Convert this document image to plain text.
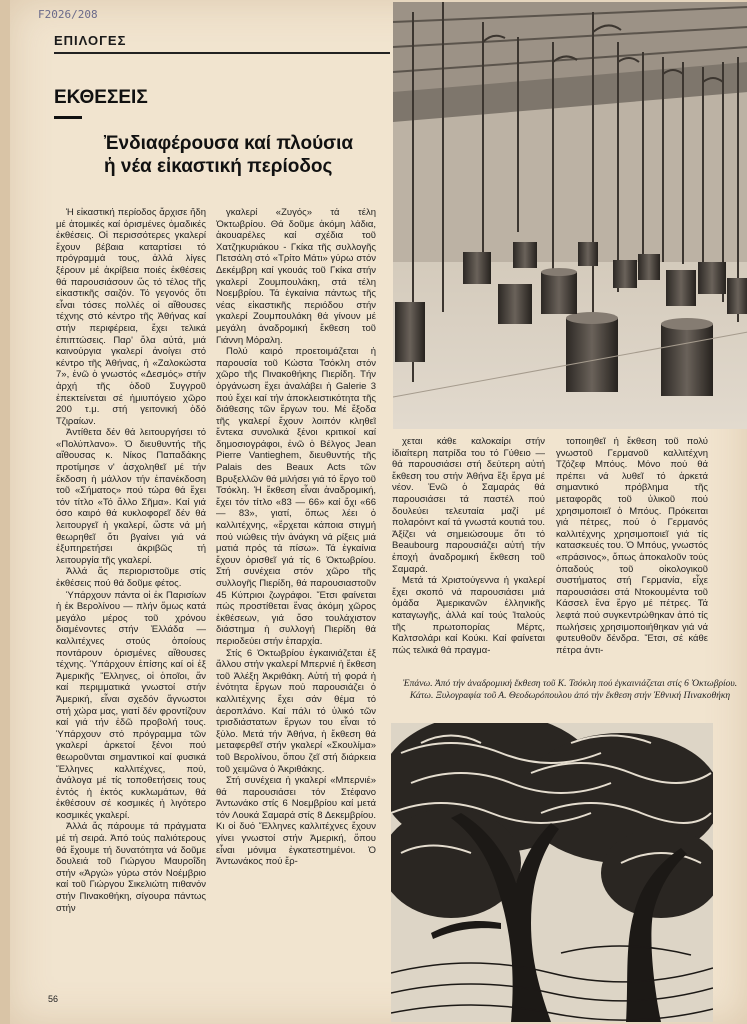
F2026/208
ΕΠΙΛΟΓΕΣ
ΕΚΘΕΣΕΙΣ
Ἐνδιαφέρουσα καί πλούσια
ἡ νέα εἰκαστική περίοδος

Ἡ εἰκαστική περίοδος ἄρχισε ἤδη μέ ἀτομικές καί ὀρισμένες ὁμαδικές ἐκθέσεις. Οἱ περισσότερες γκαλερί ἔχουν βέβαια καταρτίσει τό πρόγραμμά τους, ἀλλά λίγες ξέρουν μέ ἀκρίβεια ποιές ἐκθέσεις θά παρουσιάσουν ὥς τό τέλος τῆς εἰκαστικῆς σαιζόν. Τό γεγονός ὅτι εἶναι τόσες πολλές οἱ αἴθουσες τέχνης στό κέντρο τῆς Ἀθήνας καί στήν περιφέρεια, ἔχει τελικά ἐπιπτώσεις. Παρ' ὅλα αὐτά, μιά καινούργια γκαλερί ἀνοίγει στό κέντρο τῆς Ἀθήνας, ἡ «Ζαλοκώστα 7», ἐνῶ ὁ γνωστός «Δεσμός» στήν ἀρχή τῆς ὁδοῦ Συγγροῦ ἐπεκτείνεται σέ ἡμιυπόγειο χῶρο 200 τ.μ. στή γειτονική ὁδό Τζιραίων.

Ἀντίθετα δέν θά λειτουργήσει τό «Πολύπλανο». Ὁ διευθυντής τῆς αἴθουσας κ. Νίκος Παπαδάκης προτίμησε ν' ἀσχοληθεῖ μέ τήν ἔκδοση ἡ μάλλον τήν ἐπανέκδοση τοῦ «Σήματος» πού τώρα θά ἔχει τόν τίτλο «Τό ἄλλο Σῆμα». Καί γιά όσο καιρό θά κυκλοφορεῖ δέν θά λειτουργεῖ ἡ γκαλερί, ὥστε νά μή θεωρηθεῖ ὅτι βγαίνει γιά νά ἐξυπηρετήσει ἀκριβῶς τή λειτουργία τῆς γκαλερί.

Ἀλλά ἄς περιοριστοῦμε στίς ἐκθέσεις πού θά δοῦμε φέτος.

Ὑπάρχουν πάντα οἱ ἐκ Παρισίων ἡ ἐκ Βερολίνου — πλήν ὅμως κατά μεγάλο μέρος τοῦ χρόνου διαμένοντες στήν Ἑλλάδα — καλλιτέχνες στούς ὁποίους ποντάρουν ὁρισμένες αἴθουσες τέχνης. Ὑπάρχουν ἐπίσης καί οἱ ἐξ Ἀμερικῆς Ἕλληνες, οἱ ὁποῖοι, ἄν καί περιμματικά γνωστοί στήν Ἀμερική, εἶναι σχεδόν ἄγνωστοι στή χώρα μας, γιατί δέν φροντίζουν καί γιά τήν ἐδῶ προβολή τους. Ὑπάρχουν στό πρόγραμμα τῶν γκαλερί ἀρκετοί ξένοι πού θεωροῦνται σημαντικοί καί φυσικά Ἕλληνες καλλιτέχνες, πού, ἀνάλογα μέ τίς τοποθετήσεις τους ἐντός ἡ ἐκτός κυκλωμάτων, θά ἐκθέσουν σέ κοσμικές ἡ λιγότερο κοσμικές γκαλερί.

Ἀλλά ἄς πάρουμε τά πράγματα μέ τή σειρά. Ἀπό τούς παλιότερους θά ἔχουμε τή δυνατότητα νά δοῦμε δουλειά τοῦ Γιώργου Μαυροΐδη στήν «Ἀργώ» γύρω στόν Νοέμβριο καί τοῦ Γιώργου Σικελιώτη πιθανόν στήν Πινακοθήκη, σίγουρα πάντως στήν

γκαλερί «Ζυγός» τά τέλη Ὀκτωβρίου. Θά δοῦμε ἀκόμη λάδια, ἀκουαρέλες καί σχέδια τοῦ Χατζηκυριάκου - Γκίκα τῆς συλλογῆς Πετσάλη στό «Τρίτο Μάτι» γύρω στόν Δεκέμβρη καί γκουάς τοῦ Γκίκα στήν γκαλερί Ζουμπουλάκη, στά τέλη Νοεμβρίου. Τά ἐγκαίνια πάντως τῆς νέας εἰκαστικῆς περιόδου στήν γκαλερί Ζουμπουλάκη θά γίνουν μέ μεγάλη ἀναδρομική ἔκθεση τοῦ Γιάννη Μόραλη.

Πολύ καιρό προετοιμάζεται ἡ παρουσία τοῦ Κώστα Τσόκλη στόν χῶρο τῆς Πινακοθήκης Πιερίδη. Τήν ὀργάνωση ἔχει ἀναλάβει ἡ Galerie 3 πού ἔχει καί τήν ἀποκλειστικότητα τῆς διάθεσης τῶν ἔργων του. Μέ ἔξοδα τῆς γκαλερί ἔχουν λοιπόν κληθεῖ ἔντεκα συνολικά ξένοι κριτικοί καί δημοσιογράφοι, ἐνῶ ὁ Βέλγος Jean Pierre Vantieghem, διευθυντής τῆς Palais des Beaux Acts τῶν Βρυξελλῶν θά μιλήσει γιά τό ἔργο τοῦ Τσόκλη. Ἡ ἔκθεση εἶναι ἀναδρομική, ἔχει τόν τίτλο «83 — 66» καί ὄχι «66 — 83», γιατί, ὅπως λέει ὁ καλλιτέχνης, «ἔρχεται κάποια στιγμή πού νιώθεις τήν ἀνάγκη νά ρίξεις μιά ματιά πρός τά πίσω». Τά ἐγκαίνια ἔχουν ὁρισθεῖ γιά τίς 6 Ὀκτωβρίου. Στή συνέχεια στόν χῶρο τῆς συλλογῆς Πιερίδη, θά παρουσιαστοῦν 45 Κύπριοι ζωγράφοι. Ἔτσι φαίνεται πώς προστίθεται ἕνας ἀκόμη χῶρος ἐκθέσεων, γιά ὅσο τουλάχιστον διάστημα ἡ συλλογή Πιερίδη θά περιοδεύει στήν ἐπαρχία.

Στίς 6 Ὀκτωβρίου ἐγκαινιάζεται ἐξ ἄλλου στήν γκαλερί Μπερνιέ ἡ ἔκθεση τοῦ Ἀλέξη Ἀκριθάκη. Αὐτή τή φορά ἡ ἑνότητα ἔργων πού παρουσιάζει ὁ καλλιτέχνης ἔχει σάν θέμα τό ἀεροπλάνο. Καί πάλι τό ὑλικό τῶν τρισδιάστατων ἔργων του εἶναι τό ξύλο. Μετά τήν Ἀθήνα, ἡ ἔκθεση θά μεταφερθεῖ στήν γκαλερί «Σκουλίμα» τοῦ Βερολίνου, ὅπου ζεῖ στή διάρκεια τοῦ χειμῶνα ὁ Ἀκριθάκης.

Στή συνέχεια ἡ γκαλερί «Μπερνιέ» θά παρουσιάσει τόν Στέφανο Ἀντωνάκο στίς 6 Νοεμβρίου καί μετά τόν Λουκά Σαμαρά στίς 8 Δεκεμβρίου. Κι οἱ δυό Ἕλληνες καλλιτέχνες ἔχουν γίνει γνωστοί στήν Ἀμερική, ὅπου εἶναι μόνιμα ἐγκατεστημένοι. Ὁ Ἀντωνάκος πού ἔρ-

χεται κάθε καλοκαίρι στήν ἰδιαίτερη πατρίδα του τό Γύθειο — θά παρουσιάσει στή δεύτερη αὐτή ἔκθεση του στήν Ἀθήνα ἔξι ἔργα μέ νέον. Ἐνῶ ὁ Σαμαράς θά παρουσιάσει τά παστέλ πού δουλεύει τελευταία μαζί μέ πολαρόιντ καί τά γνωστά κουτιά του. Ἀξίζει νά σημειώσουμε ὅτι τό Beaubourg παρουσιάζει αὐτή τήν ἐποχή ἀναδρομική ἔκθεση τοῦ Σαμαρά.

Μετά τά Χριστούγεννα ἡ γκαλερί ἔχει σκοπό νά παρουσιάσει μιά ὁμάδα Ἀμερικανῶν ἑλληνικῆς καταγωγῆς, ἀλλά καί τούς Ἰταλούς τῆς πρωτοπορίας Μέρτς, Καλτσολάρι καί Κούκι. Καί φαίνεται πώς τελικά θά πραγμα-

τοποιηθεῖ ἡ ἔκθεση τοῦ πολύ γνωστοῦ Γερμανοῦ καλλιτέχνη Τζόζεφ Μπόυς. Μόνο πού θά πρέπει νά λυθεῖ τό ἀρκετά σημαντικό πρόβλημα τῆς μεταφορᾶς τοῦ ὑλικοῦ πού χρησιμοποιεῖ ὁ Μπόυς. Πρόκειται γιά πέτρες, πού ὁ Γερμανός καλλιτέχνης χρησιμοποιεῖ γιά τίς κατασκευές του. Ὁ Μπόυς, γνωστός «πράσινος», ὅπως ἀποκαλοῦν τούς ὀπαδούς τοῦ οἰκολογικοῦ συστήματος στή Γερμανία, εἶχε παρουσιάσει στά Ντοκουμέντα τοῦ Κάσσελ ἕνα ἔργο μέ πέτρες. Τά λεφτά πού συγκεντρώθηκαν ἀπό τίς πωλήσεις χρησιμοποιήθηκαν γιά νά φυτευθοῦν δένδρα. Ἔτσι, σέ κάθε πέτρα ἀντι-

Ἐπάνω. Ἀπό τήν ἀναδρομική ἔκθεση τοῦ Κ. Τσόκλη πού ἐγκαινιάζεται στίς 6 Ὀκτωβρίου. Κάτω. Ξυλογραφία τοῦ Α. Θεοδωρόπουλου ἀπό τήν ἔκθεση στήν Ἐθνική Πινακοθήκη
56
